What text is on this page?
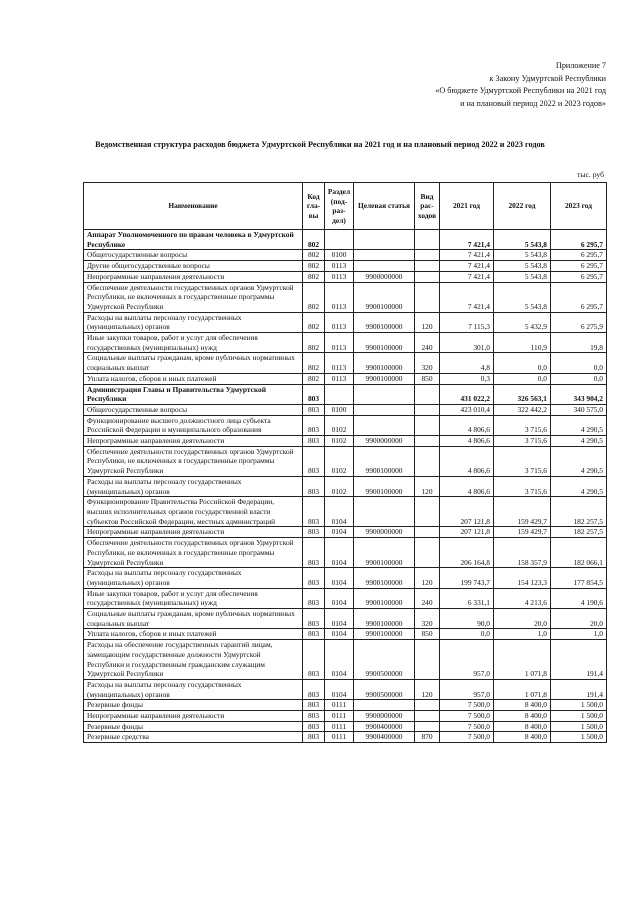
Приложение 7
к Закону Удмуртской Республики
«О бюджете Удмуртской Республики на 2021 год
и на плановый период 2022 и 2023 годов»
Ведомственная структура расходов бюджета Удмуртской Республики на 2021 год и на плановый период 2022 и 2023 годов
тыс. руб
Наименование	Код гла- вы	Раздел (под- раз- дел)	Целевая статья	Вид рас- ходов	2021 год	2022 год	2023 год
Аппарат Уполномоченного по правам человека в Удмуртской Республике	802				7 421,4	5 543,8	6 295,7
Общегосударственные вопросы	802	0100			7 421,4	5 543,8	6 295,7
Другие общегосударственные вопросы	802	0113			7 421,4	5 543,8	6 295,7
Непрограммные направления деятельности	802	0113	9900000000		7 421,4	5 543,8	6 295,7
Обеспечение деятельности государственных органов Удмуртской Республики, не включенных в государственные программы Удмуртской Республики	802	0113	9900100000		7 421,4	5 543,8	6 295,7
Расходы на выплаты персоналу государственных (муниципальных) органов	802	0113	9900100000	120	7 115,3	5 432,9	6 275,9
Иные закупки товаров, работ и услуг для обеспечения государственных (муниципальных) нужд	802	0113	9900100000	240	301,0	110,9	19,8
Социальные выплаты гражданам, кроме публичных нормативных социальных выплат	802	0113	9900100000	320	4,8	0,0	0,0
Уплата налогов, сборов и иных платежей	802	0113	9900100000	850	0,3	0,0	0,0
Администрация Главы и Правительства Удмуртской Республики	803				431 022,2	326 563,1	343 904,2
Общегосударственные вопросы	803	0100			423 010,4	322 442,2	340 575,0
Функционирование высшего должностного лица субъекта Российской Федерации и муниципального образования	803	0102			4 806,6	3 715,6	4 290,5
Непрограммные направления деятельности	803	0102	9900000000		4 806,6	3 715,6	4 290,5
Обеспечение деятельности государственных органов Удмуртской Республики, не включенных в государственные программы Удмуртской Республики	803	0102	9900100000		4 806,6	3 715,6	4 290,5
Расходы на выплаты персоналу государственных (муниципальных) органов	803	0102	9900100000	120	4 806,6	3 715,6	4 290,5
Функционирование Правительства Российской Федерации, высших исполнительных органов государственной власти субъектов Российской Федерации, местных администраций	803	0104			207 121,8	159 429,7	182 257,5
Непрограммные направления деятельности	803	0104	9900000000		207 121,8	159 429,7	182 257,5
Обеспечение деятельности государственных органов Удмуртской Республики, не включенных в государственные программы Удмуртской Республики	803	0104	9900100000		206 164,8	158 357,9	182 066,1
Расходы на выплаты персоналу государственных (муниципальных) органов	803	0104	9900100000	120	199 743,7	154 123,3	177 854,5
Иные закупки товаров, работ и услуг для обеспечения государственных (муниципальных) нужд	803	0104	9900100000	240	6 331,1	4 213,6	4 190,6
Социальные выплаты гражданам, кроме публичных нормативных социальных выплат	803	0104	9900100000	320	90,0	20,0	20,0
Уплата налогов, сборов и иных платежей	803	0104	9900100000	850	0,0	1,0	1,0
Расходы на обеспечение государственных гарантий лицам, замещающим государственные должности Удмуртской Республики и государственным гражданским служащим Удмуртской Республики	803	0104	9900500000		957,0	1 071,8	191,4
Расходы на выплаты персоналу государственных (муниципальных) органов	803	0104	9900500000	120	957,0	1 071,8	191,4
Резервные фонды	803	0111			7 500,0	8 400,0	1 500,0
Непрограммные направления деятельности	803	0111	9900000000		7 500,0	8 400,0	1 500,0
Резервные фонды	803	0111	9900400000		7 500,0	8 400,0	1 500,0
Резервные средства	803	0111	9900400000	870	7 500,0	8 400,0	1 500,0
